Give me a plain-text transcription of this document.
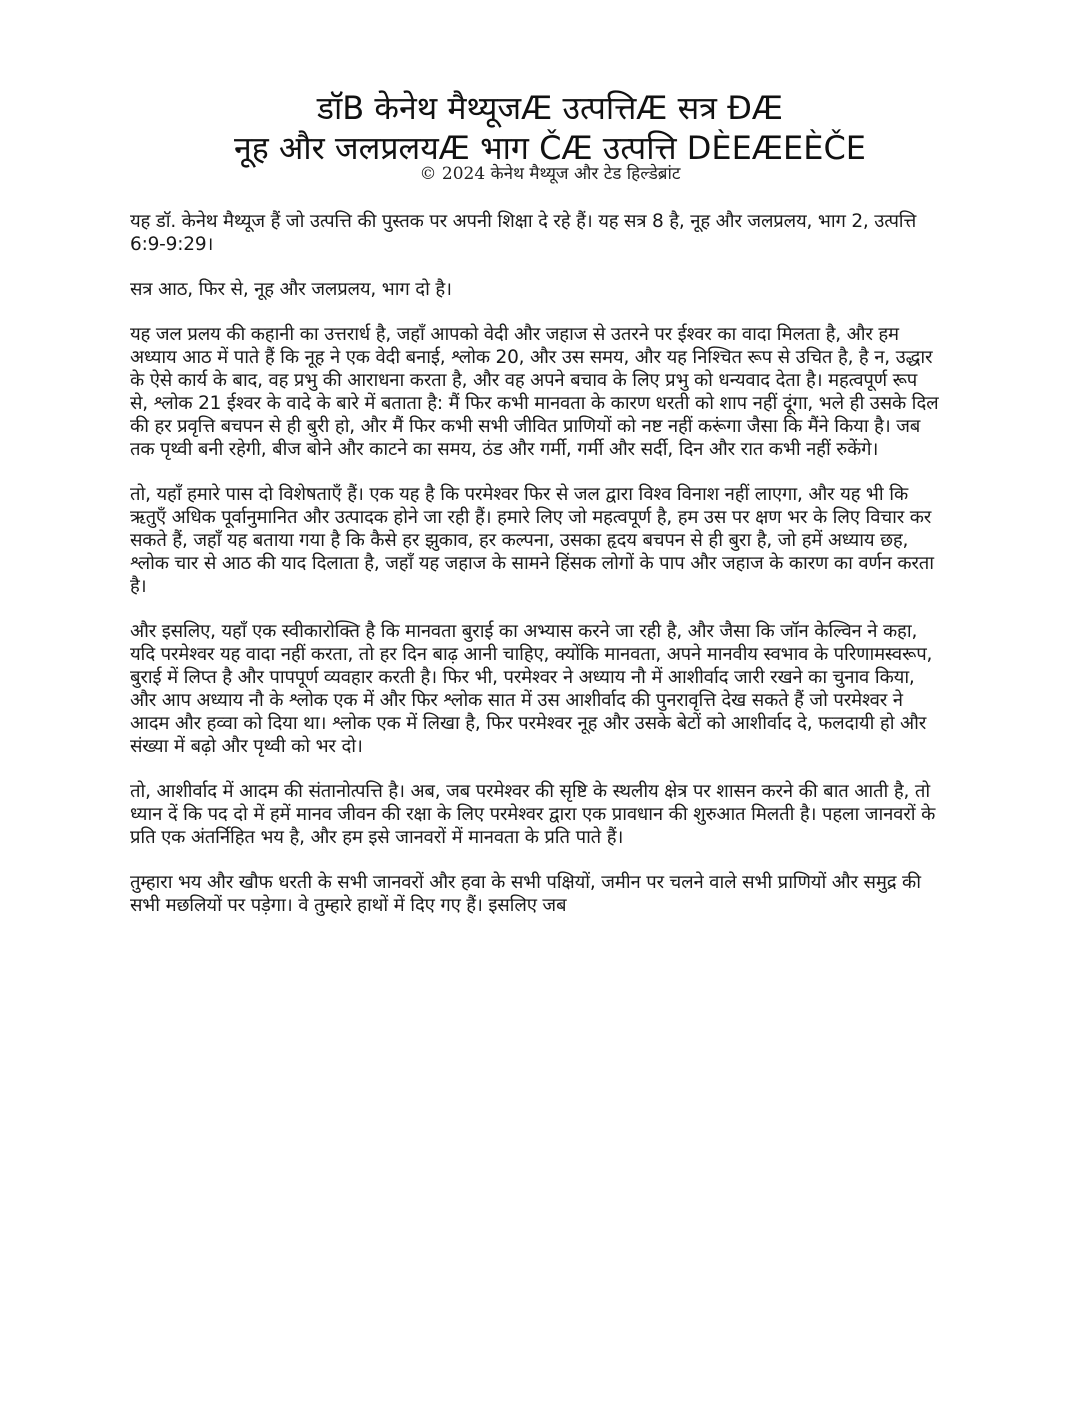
डॉB केनेथ मैथ्यूजÆ उत्पत्तिÆ सत्र ÐÆ
नूह और जलप्रलयÆ भाग ČÆ उत्पत्ति DÈEÆEÈČE
© 2024 केनेथ मैथ्यूज और टेड हिल्डेब्रांट

यह डॉ. केनेथ मैथ्यूज हैं जो उत्पत्ति की पुस्तक पर अपनी शिक्षा दे रहे हैं। यह सत्र 8 है, नूह और जलप्रलय, भाग 2, उत्पत्ति 6:9-9:29।

सत्र आठ, फिर से, नूह और जलप्रलय, भाग दो है।

यह जल प्रलय की कहानी का उत्तरार्ध है, जहाँ आपको वेदी और जहाज से उतरने पर ईश्वर का वादा मिलता है, और हम अध्याय आठ में पाते हैं कि नूह ने एक वेदी बनाई, श्लोक 20, और उस समय, और यह निश्चित रूप से उचित है, है न, उद्धार के ऐसे कार्य के बाद, वह प्रभु की आराधना करता है, और वह अपने बचाव के लिए प्रभु को धन्यवाद देता है। महत्वपूर्ण रूप से, श्लोक 21 ईश्वर के वादे के बारे में बताता है: मैं फिर कभी मानवता के कारण धरती को शाप नहीं दूंगा, भले ही उसके दिल की हर प्रवृत्ति बचपन से ही बुरी हो, और मैं फिर कभी सभी जीवित प्राणियों को नष्ट नहीं करूंगा जैसा कि मैंने किया है। जब तक पृथ्वी बनी रहेगी, बीज बोने और काटने का समय, ठंड और गर्मी, गर्मी और सर्दी, दिन और रात कभी नहीं रुकेंगे।

तो, यहाँ हमारे पास दो विशेषताएँ हैं। एक यह है कि परमेश्वर फिर से जल द्वारा विश्व विनाश नहीं लाएगा, और यह भी कि ऋतुएँ अधिक पूर्वानुमानित और उत्पादक होने जा रही हैं। हमारे लिए जो महत्वपूर्ण है, हम उस पर क्षण भर के लिए विचार कर सकते हैं, जहाँ यह बताया गया है कि कैसे हर झुकाव, हर कल्पना, उसका हृदय बचपन से ही बुरा है, जो हमें अध्याय छह, श्लोक चार से आठ की याद दिलाता है, जहाँ यह जहाज के सामने हिंसक लोगों के पाप और जहाज के कारण का वर्णन करता है।

और इसलिए, यहाँ एक स्वीकारोक्ति है कि मानवता बुराई का अभ्यास करने जा रही है, और जैसा कि जॉन केल्विन ने कहा, यदि परमेश्वर यह वादा नहीं करता, तो हर दिन बाढ़ आनी चाहिए, क्योंकि मानवता, अपने मानवीय स्वभाव के परिणामस्वरूप, बुराई में लिप्त है और पापपूर्ण व्यवहार करती है। फिर भी, परमेश्वर ने अध्याय नौ में आशीर्वाद जारी रखने का चुनाव किया, और आप अध्याय नौ के श्लोक एक में और फिर श्लोक सात में उस आशीर्वाद की पुनरावृत्ति देख सकते हैं जो परमेश्वर ने आदम और हव्वा को दिया था। श्लोक एक में लिखा है, फिर परमेश्वर नूह और उसके बेटों को आशीर्वाद दे, फलदायी हो और संख्या में बढ़ो और पृथ्वी को भर दो।

तो, आशीर्वाद में आदम की संतानोत्पत्ति है। अब, जब परमेश्वर की सृष्टि के स्थलीय क्षेत्र पर शासन करने की बात आती है, तो ध्यान दें कि पद दो में हमें मानव जीवन की रक्षा के लिए परमेश्वर द्वारा एक प्रावधान की शुरुआत मिलती है। पहला जानवरों के प्रति एक अंतर्निहित भय है, और हम इसे जानवरों में मानवता के प्रति पाते हैं।

तुम्हारा भय और खौफ धरती के सभी जानवरों और हवा के सभी पक्षियों, जमीन पर चलने वाले सभी प्राणियों और समुद्र की सभी मछलियों पर पड़ेगा। वे तुम्हारे हाथों में दिए गए हैं। इसलिए जब
